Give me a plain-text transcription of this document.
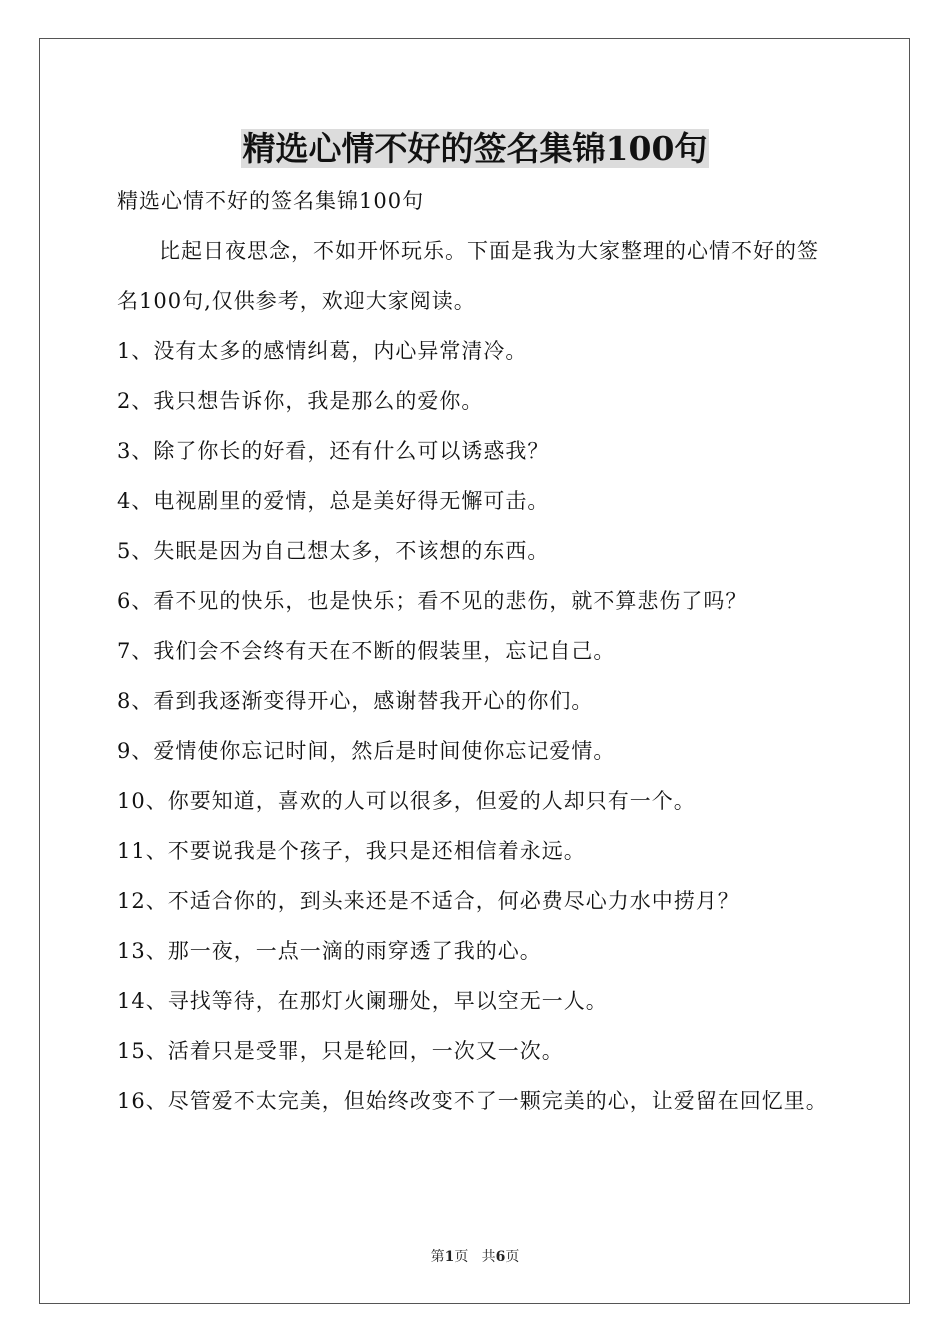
精选心情不好的签名集锦100句

精选心情不好的签名集锦100句

比起日夜思念，不如开怀玩乐。下面是我为大家整理的心情不好的签名100句,仅供参考，欢迎大家阅读。

1、没有太多的感情纠葛，内心异常清冷。

2、我只想告诉你，我是那么的爱你。

3、除了你长的好看，还有什么可以诱惑我？

4、电视剧里的爱情，总是美好得无懈可击。

5、失眠是因为自己想太多，不该想的东西。

6、看不见的快乐，也是快乐；看不见的悲伤，就不算悲伤了吗？

7、我们会不会终有天在不断的假装里，忘记自己。

8、看到我逐渐变得开心，感谢替我开心的你们。

9、爱情使你忘记时间，然后是时间使你忘记爱情。

10、你要知道，喜欢的人可以很多，但爱的人却只有一个。

11、不要说我是个孩子，我只是还相信着永远。

12、不适合你的，到头来还是不适合，何必费尽心力水中捞月？

13、那一夜，一点一滴的雨穿透了我的心。

14、寻找等待，在那灯火阑珊处，早以空无一人。

15、活着只是受罪，只是轮回，一次又一次。

16、尽管爱不太完美，但始终改变不了一颗完美的心，让爱留在回忆里。

第1页 共6页
